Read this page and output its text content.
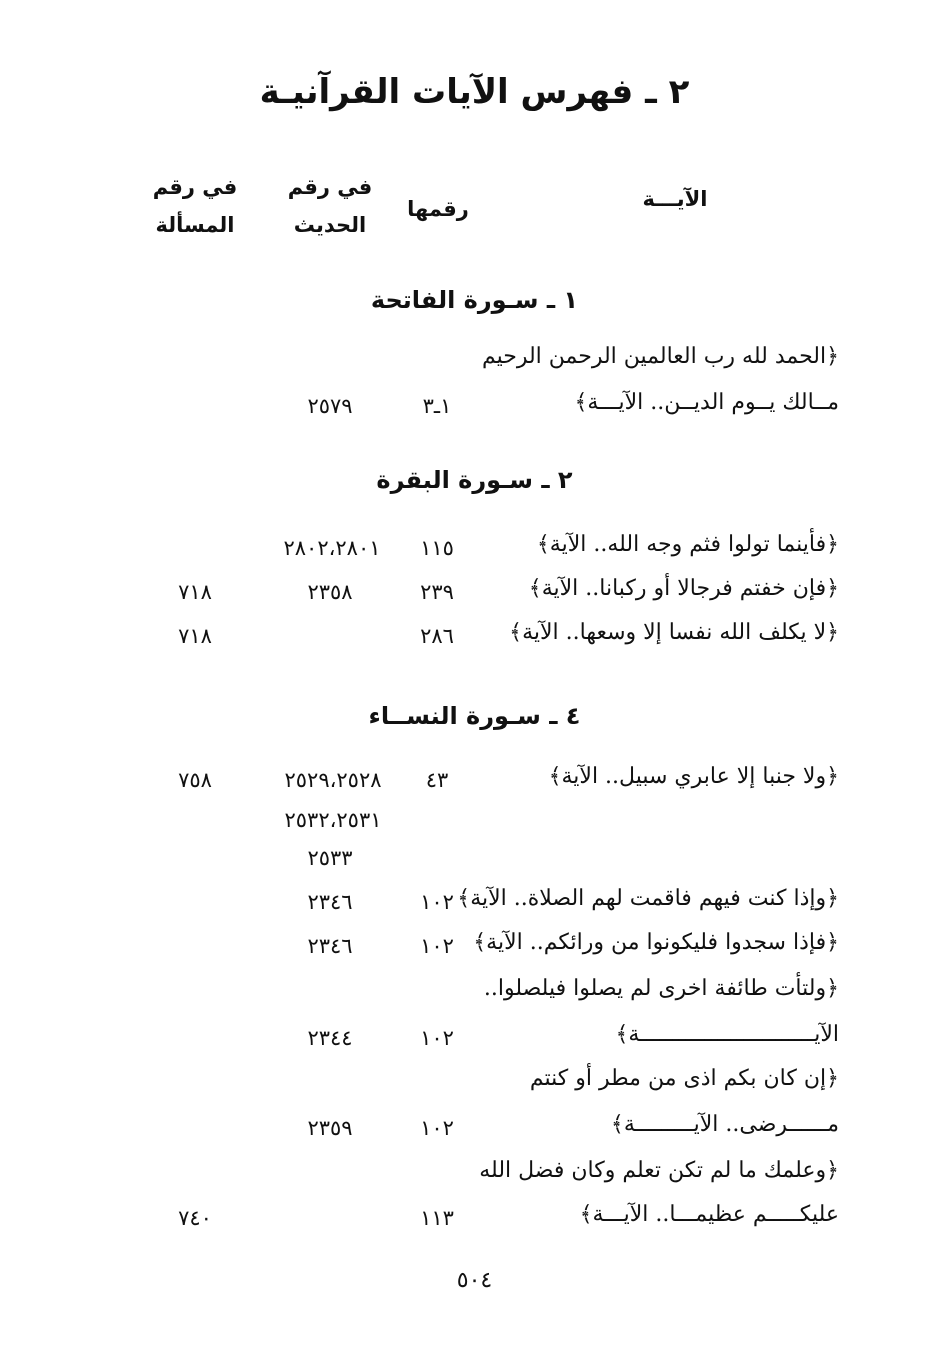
٢ ـ فهرس الآيات القرآنيـة
الآيـــة
رقمها
في رقم
الحديث
في رقم
المسألة
١ ـ سـورة الفاتحة
﴿الحمد لله رب العالمين الرحمن الرحيم
مــالك يــوم الديــن.. الآيـــة﴾
١ـ٣
٢٥٧٩
٢ ـ سـورة البقرة
﴿فأينما تولوا فثم وجه الله.. الآية﴾
١١٥
٢٨٠٢،٢٨٠١
﴿فإن خفتم فرجالا أو ركبانا.. الآية﴾
٢٣٩
٢٣٥٨
٧١٨
﴿لا يكلف الله نفسا إلا وسعها.. الآية﴾
٢٨٦
٧١٨
٤ ـ سـورة النســاء
﴿ولا جنبا إلا عابري سبيل.. الآية﴾
٤٣
٢٥٢٩،٢٥٢٨
٢٥٣٢،٢٥٣١
٢٥٣٣
٧٥٨
﴿وإذا كنت فيهم فاقمت لهم الصلاة.. الآية﴾
١٠٢
٢٣٤٦
﴿فإذا سجدوا فليكونوا من ورائكم.. الآية﴾
١٠٢
٢٣٤٦
﴿ولتأت طائفة اخرى لم يصلوا فيلصلوا..
الآيـــــــــــــــــــــــــــة﴾
١٠٢
٢٣٤٤
﴿إن كان بكم اذى من مطر أو كنتم
مــــــرضى.. الآيـــــــــة﴾
١٠٢
٢٣٥٩
﴿وعلمك ما لم تكن تعلم وكان فضل الله
عليكـــــم عظيمـــا.. الآيـــة﴾
١١٣
٧٤٠
٥٠٤
